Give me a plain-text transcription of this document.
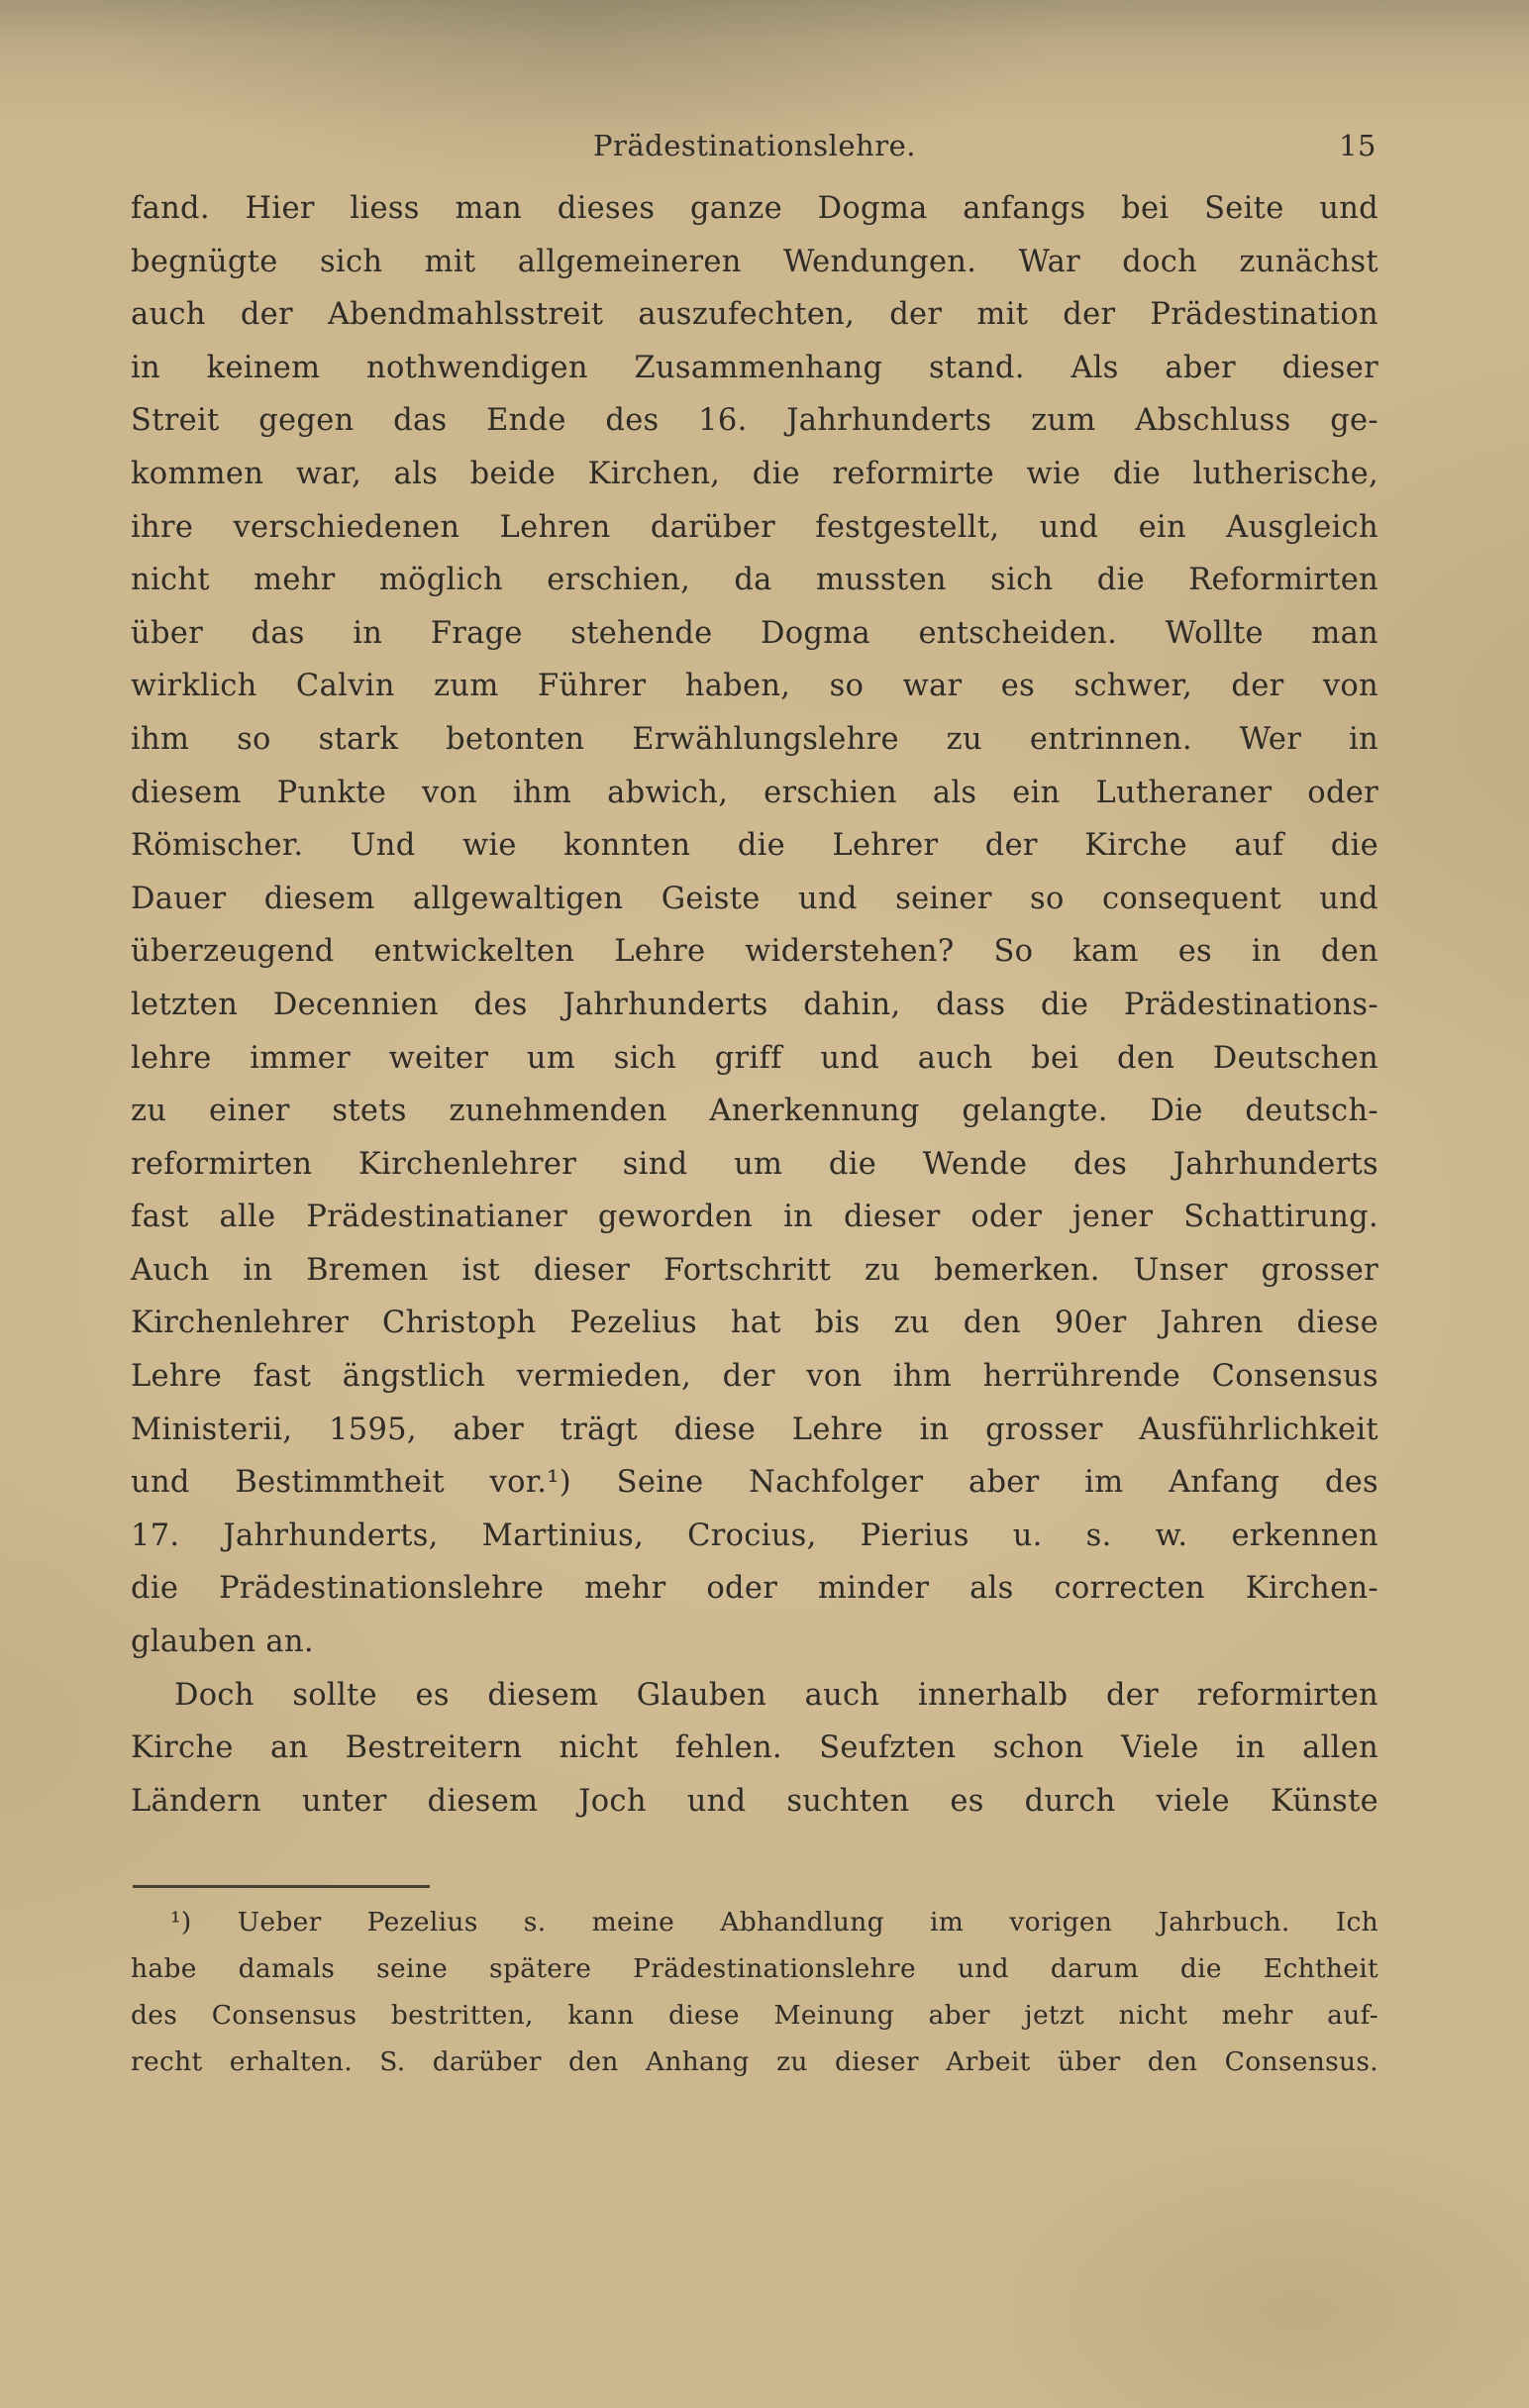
Prädestinationslehre.	15
fand. Hier liess man dieses ganze Dogma anfangs bei Seite und
begnügte sich mit allgemeineren Wendungen. War doch zunächst
auch der Abendmahlsstreit auszufechten, der mit der Prädestination
in keinem nothwendigen Zusammenhang stand. Als aber dieser
Streit gegen das Ende des 16. Jahrhunderts zum Abschluss ge-
kommen war, als beide Kirchen, die reformirte wie die lutherische,
ihre verschiedenen Lehren darüber festgestellt, und ein Ausgleich
nicht mehr möglich erschien, da mussten sich die Reformirten
über das in Frage stehende Dogma entscheiden. Wollte man
wirklich Calvin zum Führer haben, so war es schwer, der von
ihm so stark betonten Erwählungslehre zu entrinnen. Wer in
diesem Punkte von ihm abwich, erschien als ein Lutheraner oder
Römischer. Und wie konnten die Lehrer der Kirche auf die
Dauer diesem allgewaltigen Geiste und seiner so consequent und
überzeugend entwickelten Lehre widerstehen? So kam es in den
letzten Decennien des Jahrhunderts dahin, dass die Prädestinations-
lehre immer weiter um sich griff und auch bei den Deutschen
zu einer stets zunehmenden Anerkennung gelangte. Die deutsch-
reformirten Kirchenlehrer sind um die Wende des Jahrhunderts
fast alle Prädestinatianer geworden in dieser oder jener Schattirung.
Auch in Bremen ist dieser Fortschritt zu bemerken. Unser grosser
Kirchenlehrer Christoph Pezelius hat bis zu den 90er Jahren diese
Lehre fast ängstlich vermieden, der von ihm herrührende Consensus
Ministerii, 1595, aber trägt diese Lehre in grosser Ausführlichkeit
und Bestimmtheit vor.¹) Seine Nachfolger aber im Anfang des
17. Jahrhunderts, Martinius, Crocius, Pierius u. s. w. erkennen
die Prädestinationslehre mehr oder minder als correcten Kirchen-
glauben an.
Doch sollte es diesem Glauben auch innerhalb der reformirten
Kirche an Bestreitern nicht fehlen. Seufzten schon Viele in allen
Ländern unter diesem Joch und suchten es durch viele Künste
¹) Ueber Pezelius s. meine Abhandlung im vorigen Jahrbuch. Ich
habe damals seine spätere Prädestinationslehre und darum die Echtheit
des Consensus bestritten, kann diese Meinung aber jetzt nicht mehr auf-
recht erhalten. S. darüber den Anhang zu dieser Arbeit über den Consensus.
